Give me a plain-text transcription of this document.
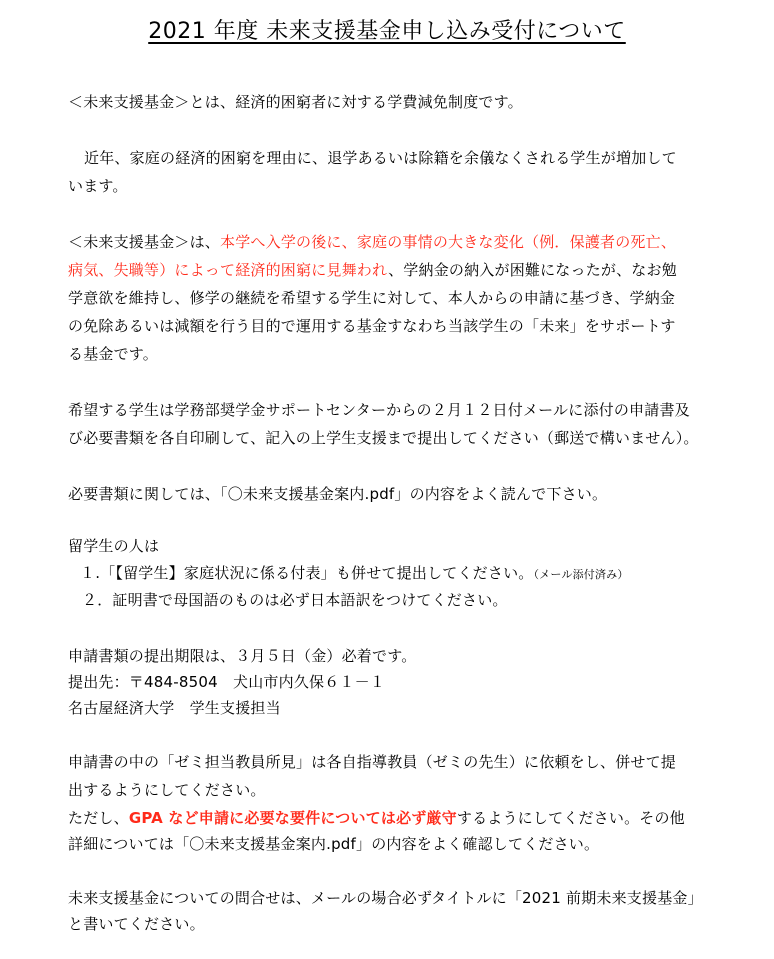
2021 年度 未来支援基金申し込み受付について
＜未来支援基金＞とは、経済的困窮者に対する学費減免制度です。
近年、家庭の経済的困窮を理由に、退学あるいは除籍を余儀なくされる学生が増加して
います。
＜未来支援基金＞は、本学へ入学の後に、家庭の事情の大きな変化（例．保護者の死亡、
病気、失職等）によって経済的困窮に見舞われ、学納金の納入が困難になったが、なお勉
学意欲を維持し、修学の継続を希望する学生に対して、本人からの申請に基づき、学納金
の免除あるいは減額を行う目的で運用する基金すなわち当該学生の「未来」をサポートす
る基金です。
希望する学生は学務部奨学金サポートセンターからの２月１２日付メールに添付の申請書及
び必要書類を各自印刷して、記入の上学生支援まで提出してください（郵送で構いません）。
必要書類に関しては、「〇未来支援基金案内.pdf」の内容をよく読んで下さい。
留学生の人は
１.「【留学生】家庭状況に係る付表」も併せて提出してください。（メール添付済み）
２．証明書で母国語のものは必ず日本語訳をつけてください。
申請書類の提出期限は、３月５日（金）必着です。
提出先：〒484-8504　犬山市内久保６１－１
名古屋経済大学　学生支援担当
申請書の中の「ゼミ担当教員所見」は各自指導教員（ゼミの先生）に依頼をし、併せて提
出するようにしてください。
ただし、GPA など申請に必要な要件については必ず厳守するようにしてください。その他
詳細については「〇未来支援基金案内.pdf」の内容をよく確認してください。
未来支援基金についての問合せは、メールの場合必ずタイトルに「2021 前期未来支援基金」
と書いてください。
